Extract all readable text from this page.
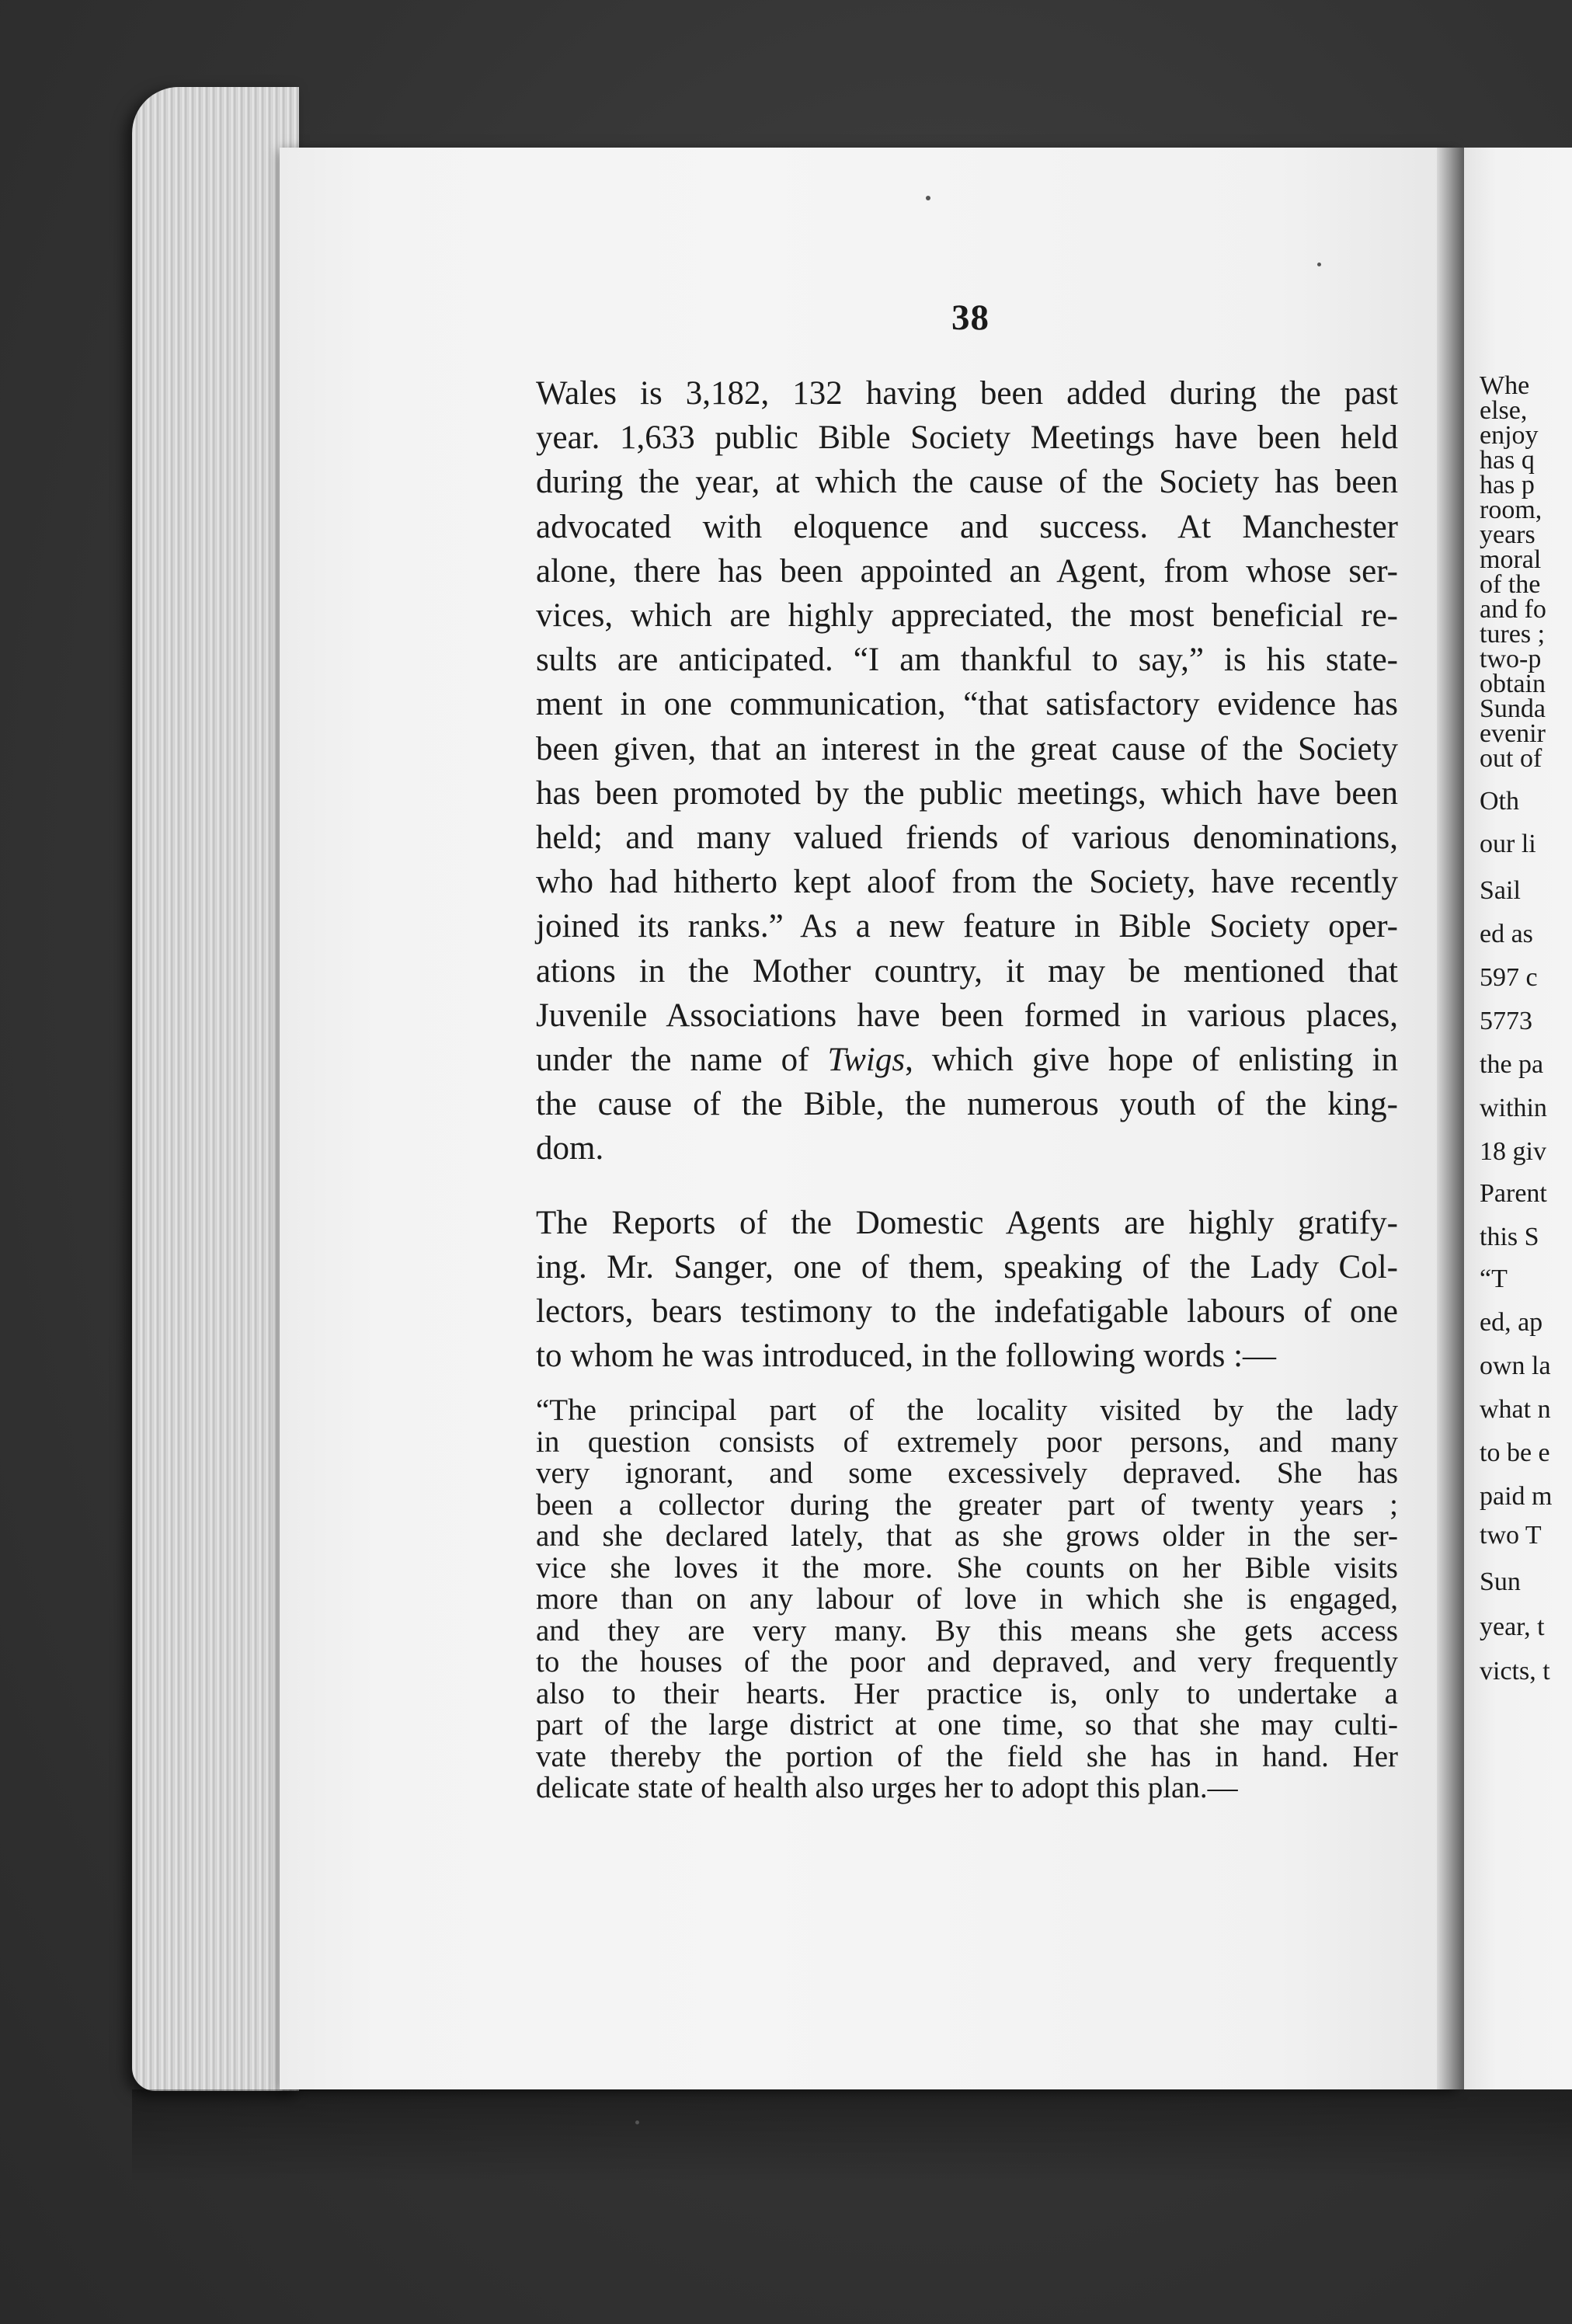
38
Wales is 3,182, 132 having been added during the past
year. 1,633 public Bible Society Meetings have been held
during the year, at which the cause of the Society has been
advocated with eloquence and success. At Manchester
alone, there has been appointed an Agent, from whose ser-
vices, which are highly appreciated, the most beneficial re-
sults are anticipated. “I am thankful to say,” is his state-
ment in one communication, “that satisfactory evidence has
been given, that an interest in the great cause of the Society
has been promoted by the public meetings, which have been
held; and many valued friends of various denominations,
who had hitherto kept aloof from the Society, have recently
joined its ranks.” As a new feature in Bible Society oper-
ations in the Mother country, it may be mentioned that
Juvenile Associations have been formed in various places,
under the name of Twigs, which give hope of enlisting in
the cause of the Bible, the numerous youth of the king-
dom.
The Reports of the Domestic Agents are highly gratify-
ing. Mr. Sanger, one of them, speaking of the Lady Col-
lectors, bears testimony to the indefatigable labours of one
to whom he was introduced, in the following words :—
“The principal part of the locality visited by the lady
in question consists of extremely poor persons, and many
very ignorant, and some excessively depraved. She has
been a collector during the greater part of twenty years ;
and she declared lately, that as she grows older in the ser-
vice she loves it the more. She counts on her Bible visits
more than on any labour of love in which she is engaged,
and they are very many. By this means she gets access
to the houses of the poor and depraved, and very frequently
also to their hearts. Her practice is, only to undertake a
part of the large district at one time, so that she may culti-
vate thereby the portion of the field she has in hand. Her
delicate state of health also urges her to adopt this plan.—
Whe
else,
enjoy
has q
has p
room,
years
moral
of the
and fo
tures ;
two-p
obtain
Sunda
evenir
out of
Oth
our li
Sail
ed as
597 c
5773
the pa
within
18 giv
Parent
this S
“T
ed, ap
own la
what n
to be e
paid m
two T
Sun
year, t
victs, t
